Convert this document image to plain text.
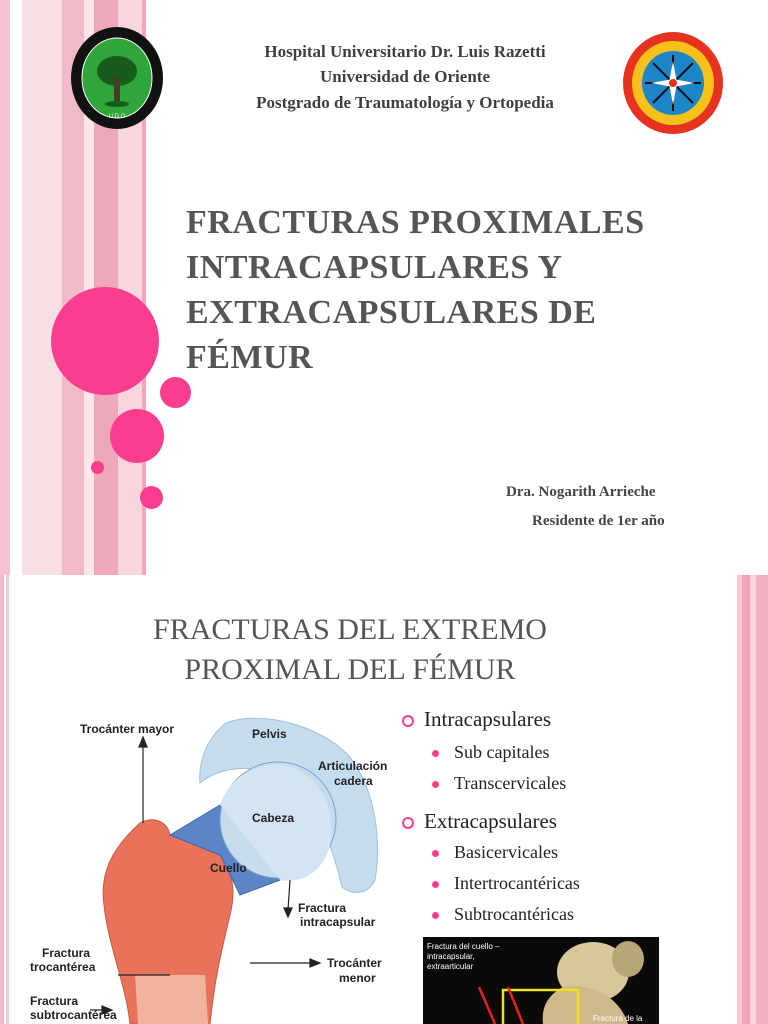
U.D.O
Hospital Universitario Dr. Luis Razetti
Universidad de Oriente
Postgrado de Traumatología y Ortopedia
FRACTURAS PROXIMALES
INTRACAPSULARES Y
EXTRACAPSULARES DE
FÉMUR
Dra. Nogarith Arrieche
Residente de 1er año
FRACTURAS DEL EXTREMO
PROXIMAL DEL FÉMUR
Intracapsulares
Sub capitales
Transcervicales
Extracapsulares
Basicervicales
Intertrocantéricas
Subtrocantéricas
Trocánter mayor	Pelvis
Articulación
cadera
Cabeza
Cuello
Fractura
intracapsular
Fractura
trocantérea	Trocánter
menor
Fractura
subtrocantérea
Fractura del cuello –
intracapsular,
extraarticular
Fractura de la
